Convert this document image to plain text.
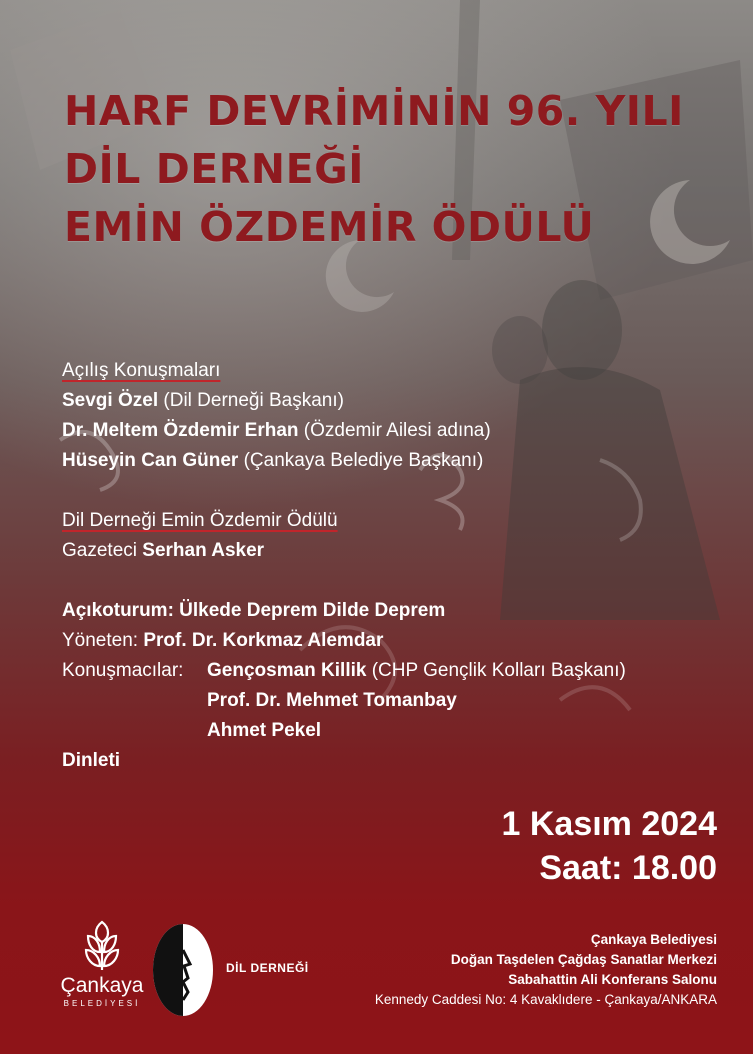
HARF DEVRİMİNİN 96. YILI
DİL DERNEĞİ
EMİN ÖZDEMİR ÖDÜLÜ
Açılış Konuşmaları
Sevgi Özel (Dil Derneği Başkanı)
Dr. Meltem Özdemir Erhan (Özdemir Ailesi adına)
Hüseyin Can Güner (Çankaya Belediye Başkanı)
Dil Derneği Emin Özdemir Ödülü
Gazeteci Serhan Asker
Açıkoturum: Ülkede Deprem Dilde Deprem
Yöneten: Prof. Dr. Korkmaz Alemdar
Konuşmacılar:	Gençosman Killik (CHP Gençlik Kolları Başkanı)
Prof. Dr. Mehmet Tomanbay
Ahmet Pekel
Dinleti
1 Kasım 2024
Saat: 18.00
Çankaya Belediyesi
Doğan Taşdelen Çağdaş Sanatlar Merkezi
Sabahattin Ali Konferans Salonu
Kennedy Caddesi No: 4 Kavaklıdere - Çankaya/ANKARA
Çankaya
BELEDİYESİ
DİL DERNEĞİ
